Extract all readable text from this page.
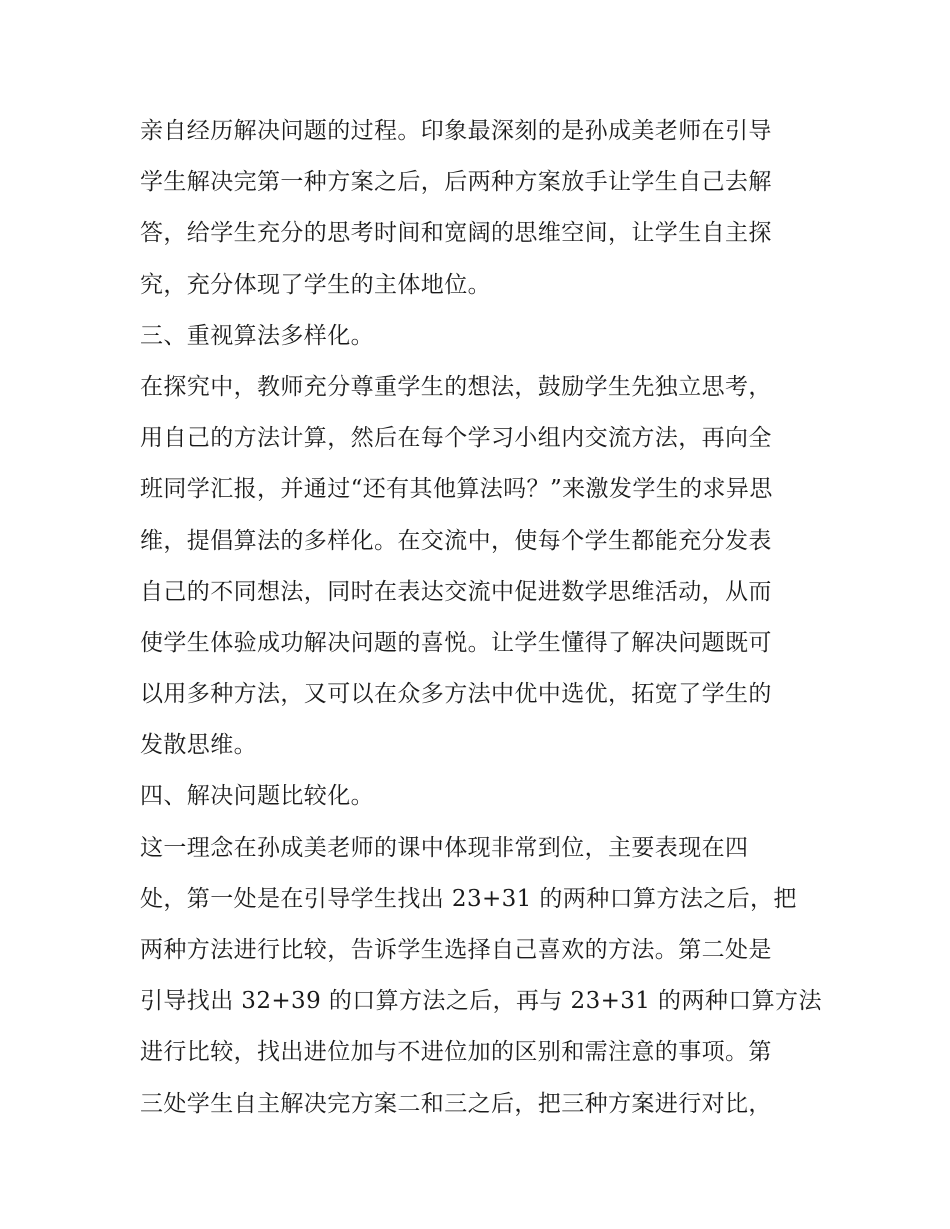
亲自经历解决问题的过程。印象最深刻的是孙成美老师在引导
学生解决完第一种方案之后，后两种方案放手让学生自己去解
答，给学生充分的思考时间和宽阔的思维空间，让学生自主探
究，充分体现了学生的主体地位。
三、重视算法多样化。
在探究中，教师充分尊重学生的想法，鼓励学生先独立思考，
用自己的方法计算，然后在每个学习小组内交流方法，再向全
班同学汇报，并通过“还有其他算法吗？”来激发学生的求异思
维，提倡算法的多样化。在交流中，使每个学生都能充分发表
自己的不同想法，同时在表达交流中促进数学思维活动，从而
使学生体验成功解决问题的喜悦。让学生懂得了解决问题既可
以用多种方法，又可以在众多方法中优中选优，拓宽了学生的
发散思维。
四、解决问题比较化。
这一理念在孙成美老师的课中体现非常到位，主要表现在四
处，第一处是在引导学生找出 23+31 的两种口算方法之后，把
两种方法进行比较，告诉学生选择自己喜欢的方法。第二处是
引导找出 32+39 的口算方法之后，再与 23+31 的两种口算方法
进行比较，找出进位加与不进位加的区别和需注意的事项。第
三处学生自主解决完方案二和三之后，把三种方案进行对比，
